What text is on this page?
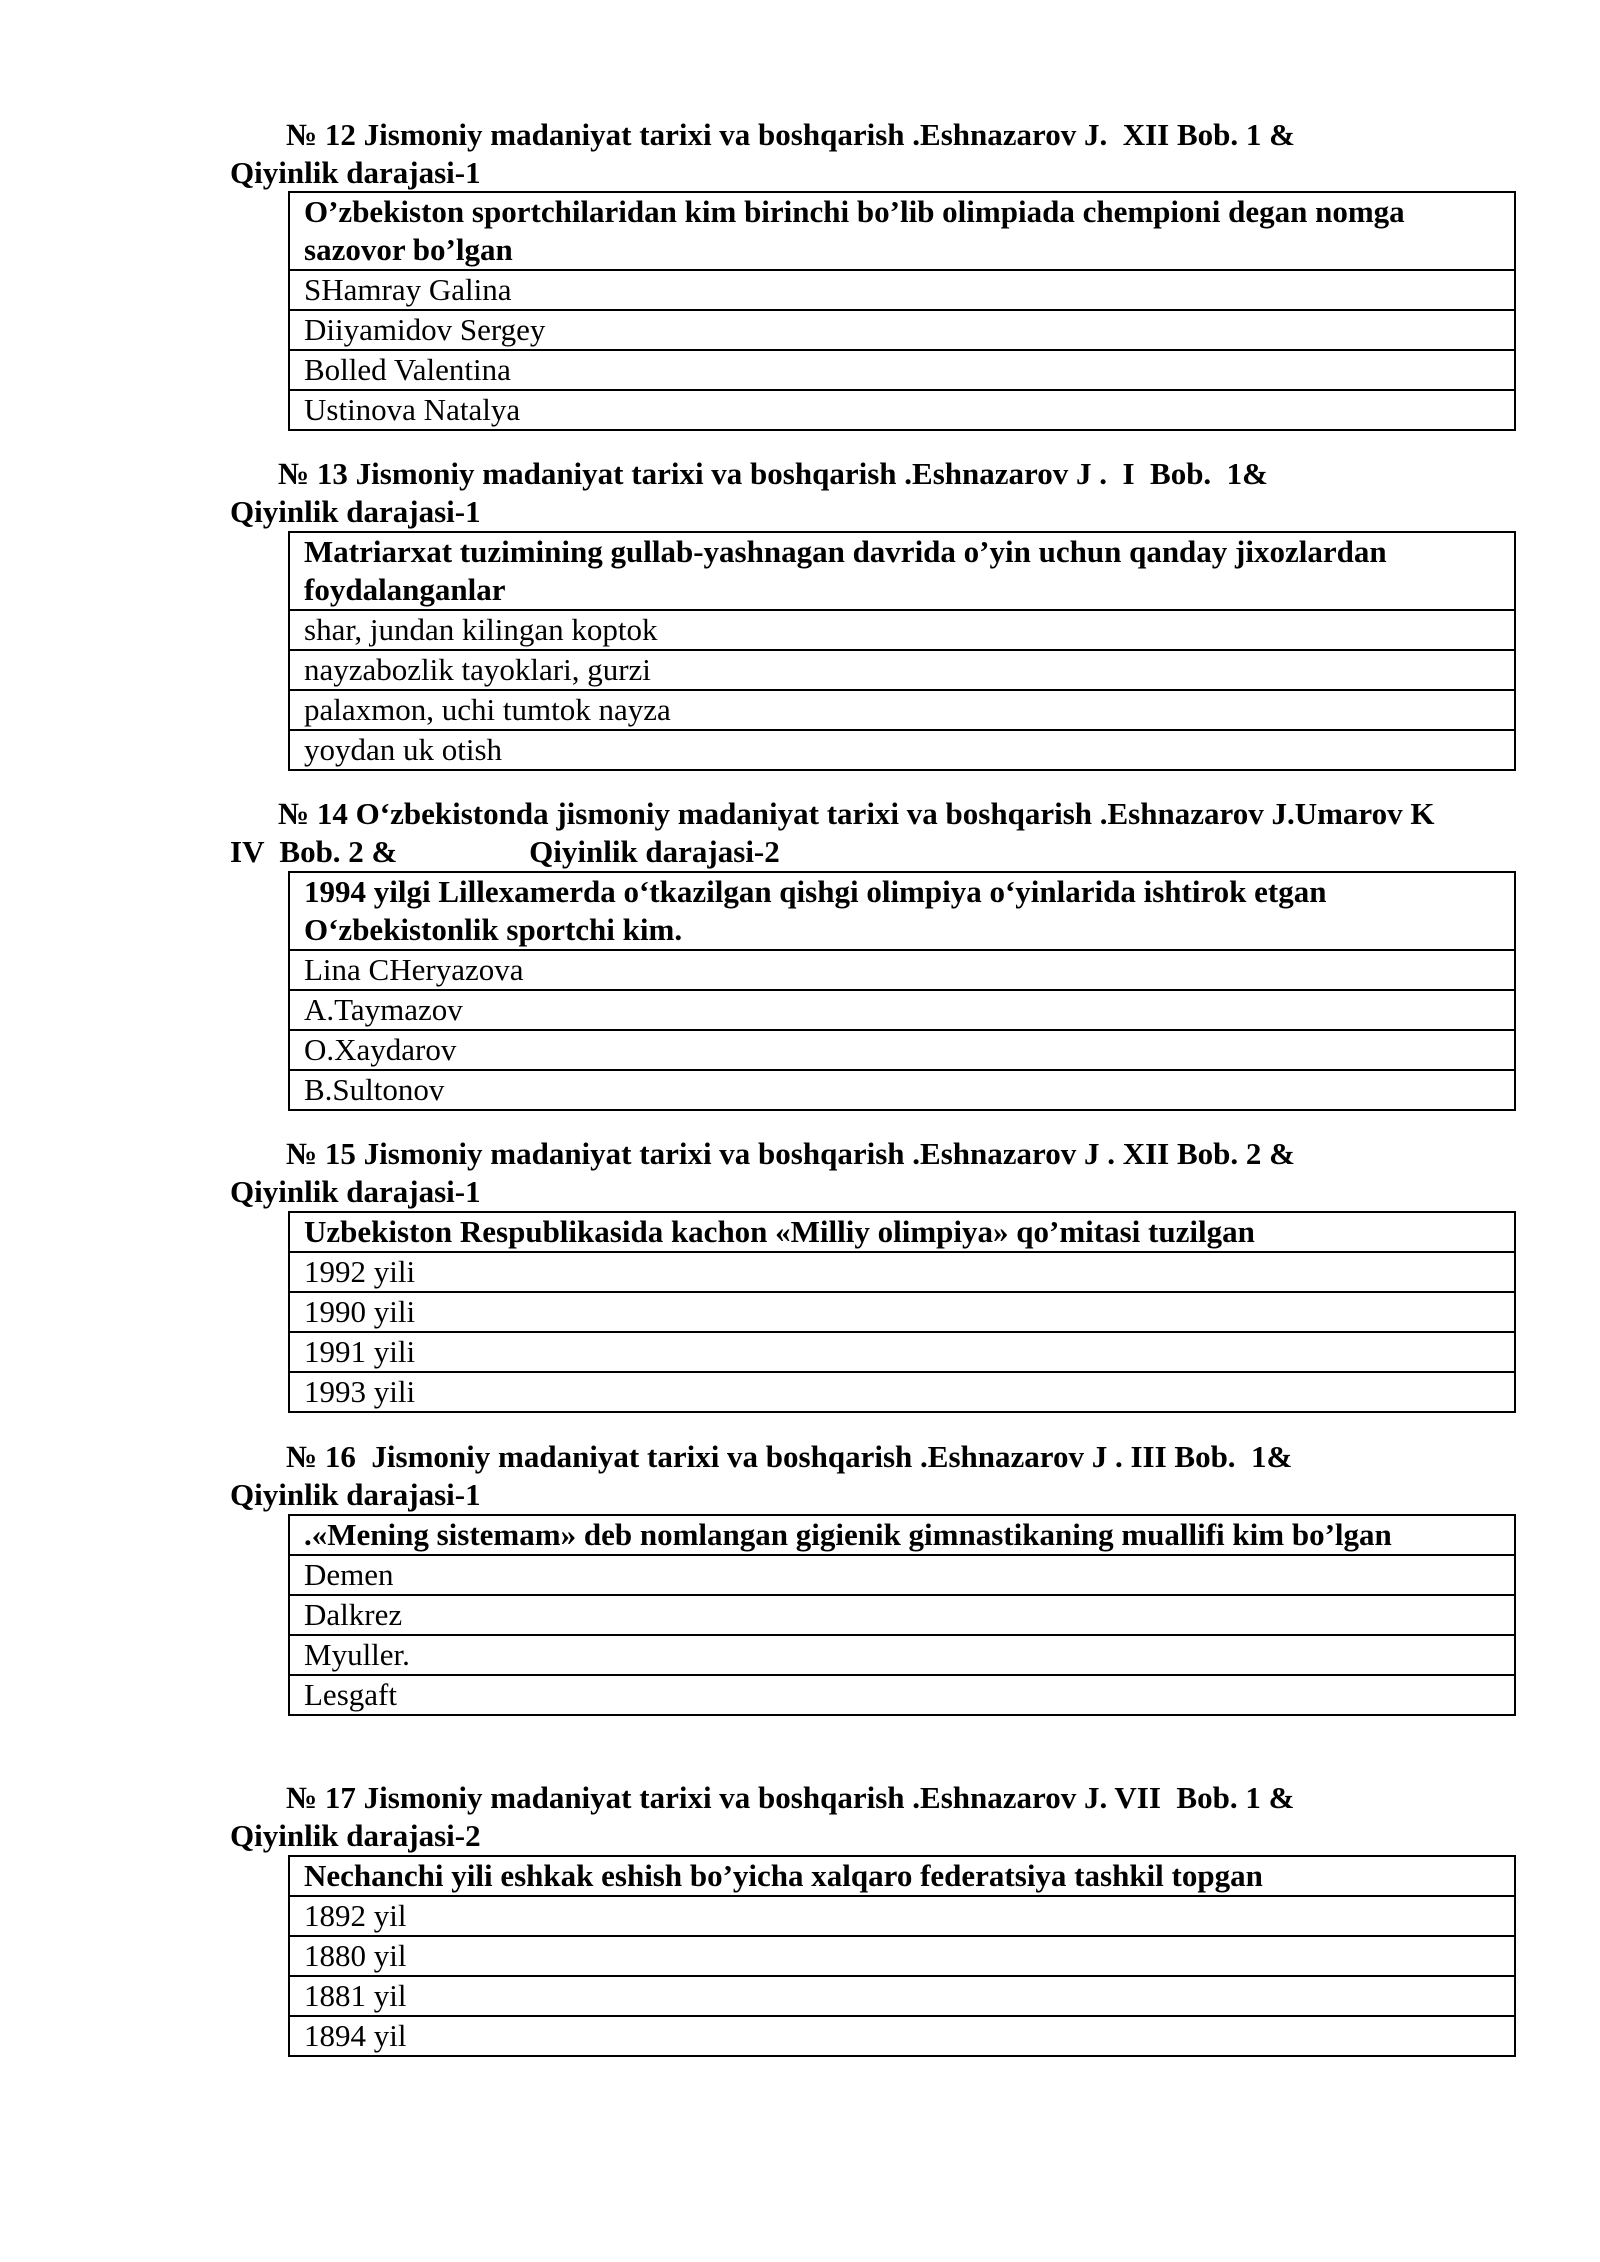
№ 12 Jismoniy madaniyat tarixi va boshqarish .Eshnazarov J.  XII Bob. 1 &
Qiyinlik darajasi-1
O’zbekiston sportchilaridan kim birinchi bo’lib olimpiada chempioni degan nomga sazovor bo’lgan
SHamray Galina
Diiyamidov Sergey
Bolled Valentina
Ustinova Natalya
№ 13 Jismoniy madaniyat tarixi va boshqarish .Eshnazarov J .  I  Bob.  1&
Qiyinlik darajasi-1
Matriarxat tuzimining gullab-yashnagan davrida o’yin uchun qanday jixozlardan foydalanganlar
shar, jundan kilingan koptok
nayzabozlik tayoklari, gurzi
palaxmon, uchi tumtok nayza
yoydan uk otish
№ 14 O‘zbekistonda jismoniy madaniyat tarixi va boshqarish .Eshnazarov J.Umarov K
IV  Bob. 2 &                 Qiyinlik darajasi-2
1994 yilgi Lillexamerda o‘tkazilgan qishgi olimpiya o‘yinlarida ishtirok etgan O‘zbekistonlik sportchi kim.
Lina CHeryazova
A.Taymazov
O.Xaydarov
B.Sultonov
№ 15 Jismoniy madaniyat tarixi va boshqarish .Eshnazarov J . XII Bob. 2 &
Qiyinlik darajasi-1
Uzbekiston Respublikasida kachon «Milliy olimpiya» qo’mitasi tuzilgan
1992 yili
1990 yili
1991 yili
1993 yili
№ 16  Jismoniy madaniyat tarixi va boshqarish .Eshnazarov J . III Bob.  1&
Qiyinlik darajasi-1
.«Mening sistemam» deb nomlangan gigienik gimnastikaning muallifi kim bo’lgan
Demen
Dalkrez
Myuller.
Lesgaft
№ 17 Jismoniy madaniyat tarixi va boshqarish .Eshnazarov J. VII  Bob. 1 &
Qiyinlik darajasi-2
Nechanchi yili eshkak eshish bo’yicha xalqaro federatsiya tashkil topgan
1892 yil
1880 yil
1881 yil
1894 yil
